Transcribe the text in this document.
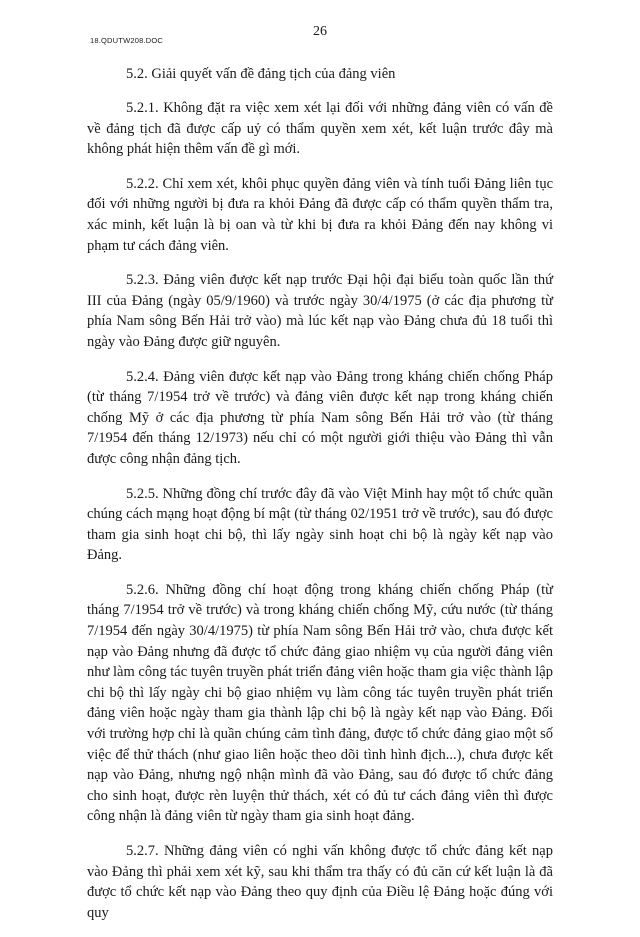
26
18.QDUTW208.DOC

5.2. Giải quyết vấn đề đảng tịch của đảng viên

5.2.1. Không đặt ra việc xem xét lại đối với những đảng viên có vấn đề về đảng tịch đã được cấp uỷ có thẩm quyền xem xét, kết luận trước đây mà không phát hiện thêm vấn đề gì mới.

5.2.2. Chỉ xem xét, khôi phục quyền đảng viên và tính tuổi Đảng liên tục đối với những người bị đưa ra khỏi Đảng đã được cấp có thẩm quyền thẩm tra, xác minh, kết luận là bị oan và từ khi bị đưa ra khỏi Đảng đến nay không vi phạm tư cách đảng viên.

5.2.3. Đảng viên được kết nạp trước Đại hội đại biểu toàn quốc lần thứ III của Đảng (ngày 05/9/1960) và trước ngày 30/4/1975 (ở các địa phương từ phía Nam sông Bến Hải trở vào) mà lúc kết nạp vào Đảng chưa đủ 18 tuổi thì ngày vào Đảng được giữ nguyên.

5.2.4. Đảng viên được kết nạp vào Đảng trong kháng chiến chống Pháp (từ tháng 7/1954 trở về trước) và đảng viên được kết nạp trong kháng chiến chống Mỹ ở các địa phương từ phía Nam sông Bến Hải trở vào (từ tháng 7/1954 đến tháng 12/1973) nếu chỉ có một người giới thiệu vào Đảng thì vẫn được công nhận đảng tịch.

5.2.5. Những đồng chí trước đây đã vào Việt Minh hay một tổ chức quần chúng cách mạng hoạt động bí mật (từ tháng 02/1951 trở về trước), sau đó được tham gia sinh hoạt chi bộ, thì lấy ngày sinh hoạt chi bộ là ngày kết nạp vào Đảng.

5.2.6. Những đồng chí hoạt động trong kháng chiến chống Pháp (từ tháng 7/1954 trở về trước) và trong kháng chiến chống Mỹ, cứu nước (từ tháng 7/1954 đến ngày 30/4/1975) từ phía Nam sông Bến Hải trở vào, chưa được kết nạp vào Đảng nhưng đã được tổ chức đảng giao nhiệm vụ của người đảng viên như làm công tác tuyên truyền phát triển đảng viên hoặc tham gia việc thành lập chi bộ thì lấy ngày chi bộ giao nhiệm vụ làm công tác tuyên truyền phát triển đảng viên hoặc ngày tham gia thành lập chi bộ là ngày kết nạp vào Đảng. Đối với trường hợp chỉ là quần chúng cảm tình đảng, được tổ chức đảng giao một số việc để thử thách (như giao liên hoặc theo dõi tình hình địch...), chưa được kết nạp vào Đảng, nhưng ngộ nhận mình đã vào Đảng, sau đó được tổ chức đảng cho sinh hoạt, được rèn luyện thử thách, xét có đủ tư cách đảng viên thì được công nhận là đảng viên từ ngày tham gia sinh hoạt đảng.

5.2.7. Những đảng viên có nghi vấn không được tổ chức đảng kết nạp vào Đảng thì phải xem xét kỹ, sau khi thẩm tra thấy có đủ căn cứ kết luận là đã được tổ chức kết nạp vào Đảng theo quy định của Điều lệ Đảng hoặc đúng với quy
